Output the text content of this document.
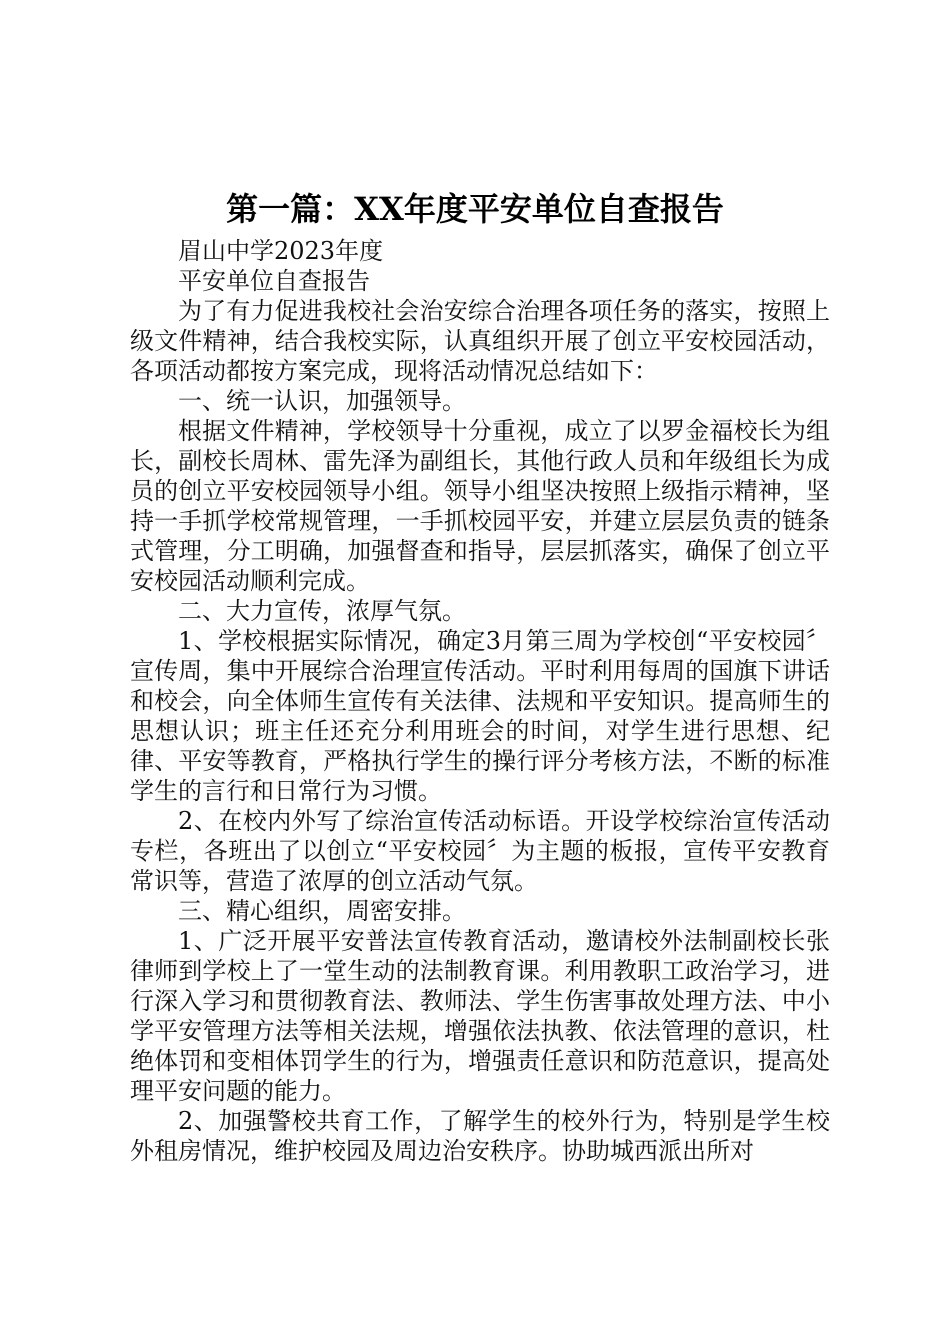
第一篇：XX年度平安单位自查报告

眉山中学2023年度

平安单位自查报告

为了有力促进我校社会治安综合治理各项任务的落实，按照上级文件精神，结合我校实际，认真组织开展了创立平安校园活动，各项活动都按方案完成，现将活动情况总结如下：

一、统一认识，加强领导。

根据文件精神，学校领导十分重视，成立了以罗金福校长为组长，副校长周林、雷先泽为副组长，其他行政人员和年级组长为成员的创立平安校园领导小组。领导小组坚决按照上级指示精神，坚持一手抓学校常规管理，一手抓校园平安，并建立层层负责的链条式管理，分工明确，加强督查和指导，层层抓落实，确保了创立平安校园活动顺利完成。

二、大力宣传，浓厚气氛。

1、学校根据实际情况，确定3月第三周为学校创“平安校园〞宣传周，集中开展综合治理宣传活动。平时利用每周的国旗下讲话和校会，向全体师生宣传有关法律、法规和平安知识。提高师生的思想认识；班主任还充分利用班会的时间，对学生进行思想、纪律、平安等教育，严格执行学生的操行评分考核方法，不断的标准学生的言行和日常行为习惯。

2、在校内外写了综治宣传活动标语。开设学校综治宣传活动专栏，各班出了以创立“平安校园〞为主题的板报，宣传平安教育常识等，营造了浓厚的创立活动气氛。

三、精心组织，周密安排。

1、广泛开展平安普法宣传教育活动，邀请校外法制副校长张律师到学校上了一堂生动的法制教育课。利用教职工政治学习，进行深入学习和贯彻教育法、教师法、学生伤害事故处理方法、中小学平安管理方法等相关法规，增强依法执教、依法管理的意识，杜绝体罚和变相体罚学生的行为，增强责任意识和防范意识，提高处理平安问题的能力。

2、加强警校共育工作，了解学生的校外行为，特别是学生校外租房情况，维护校园及周边治安秩序。协助城西派出所对
